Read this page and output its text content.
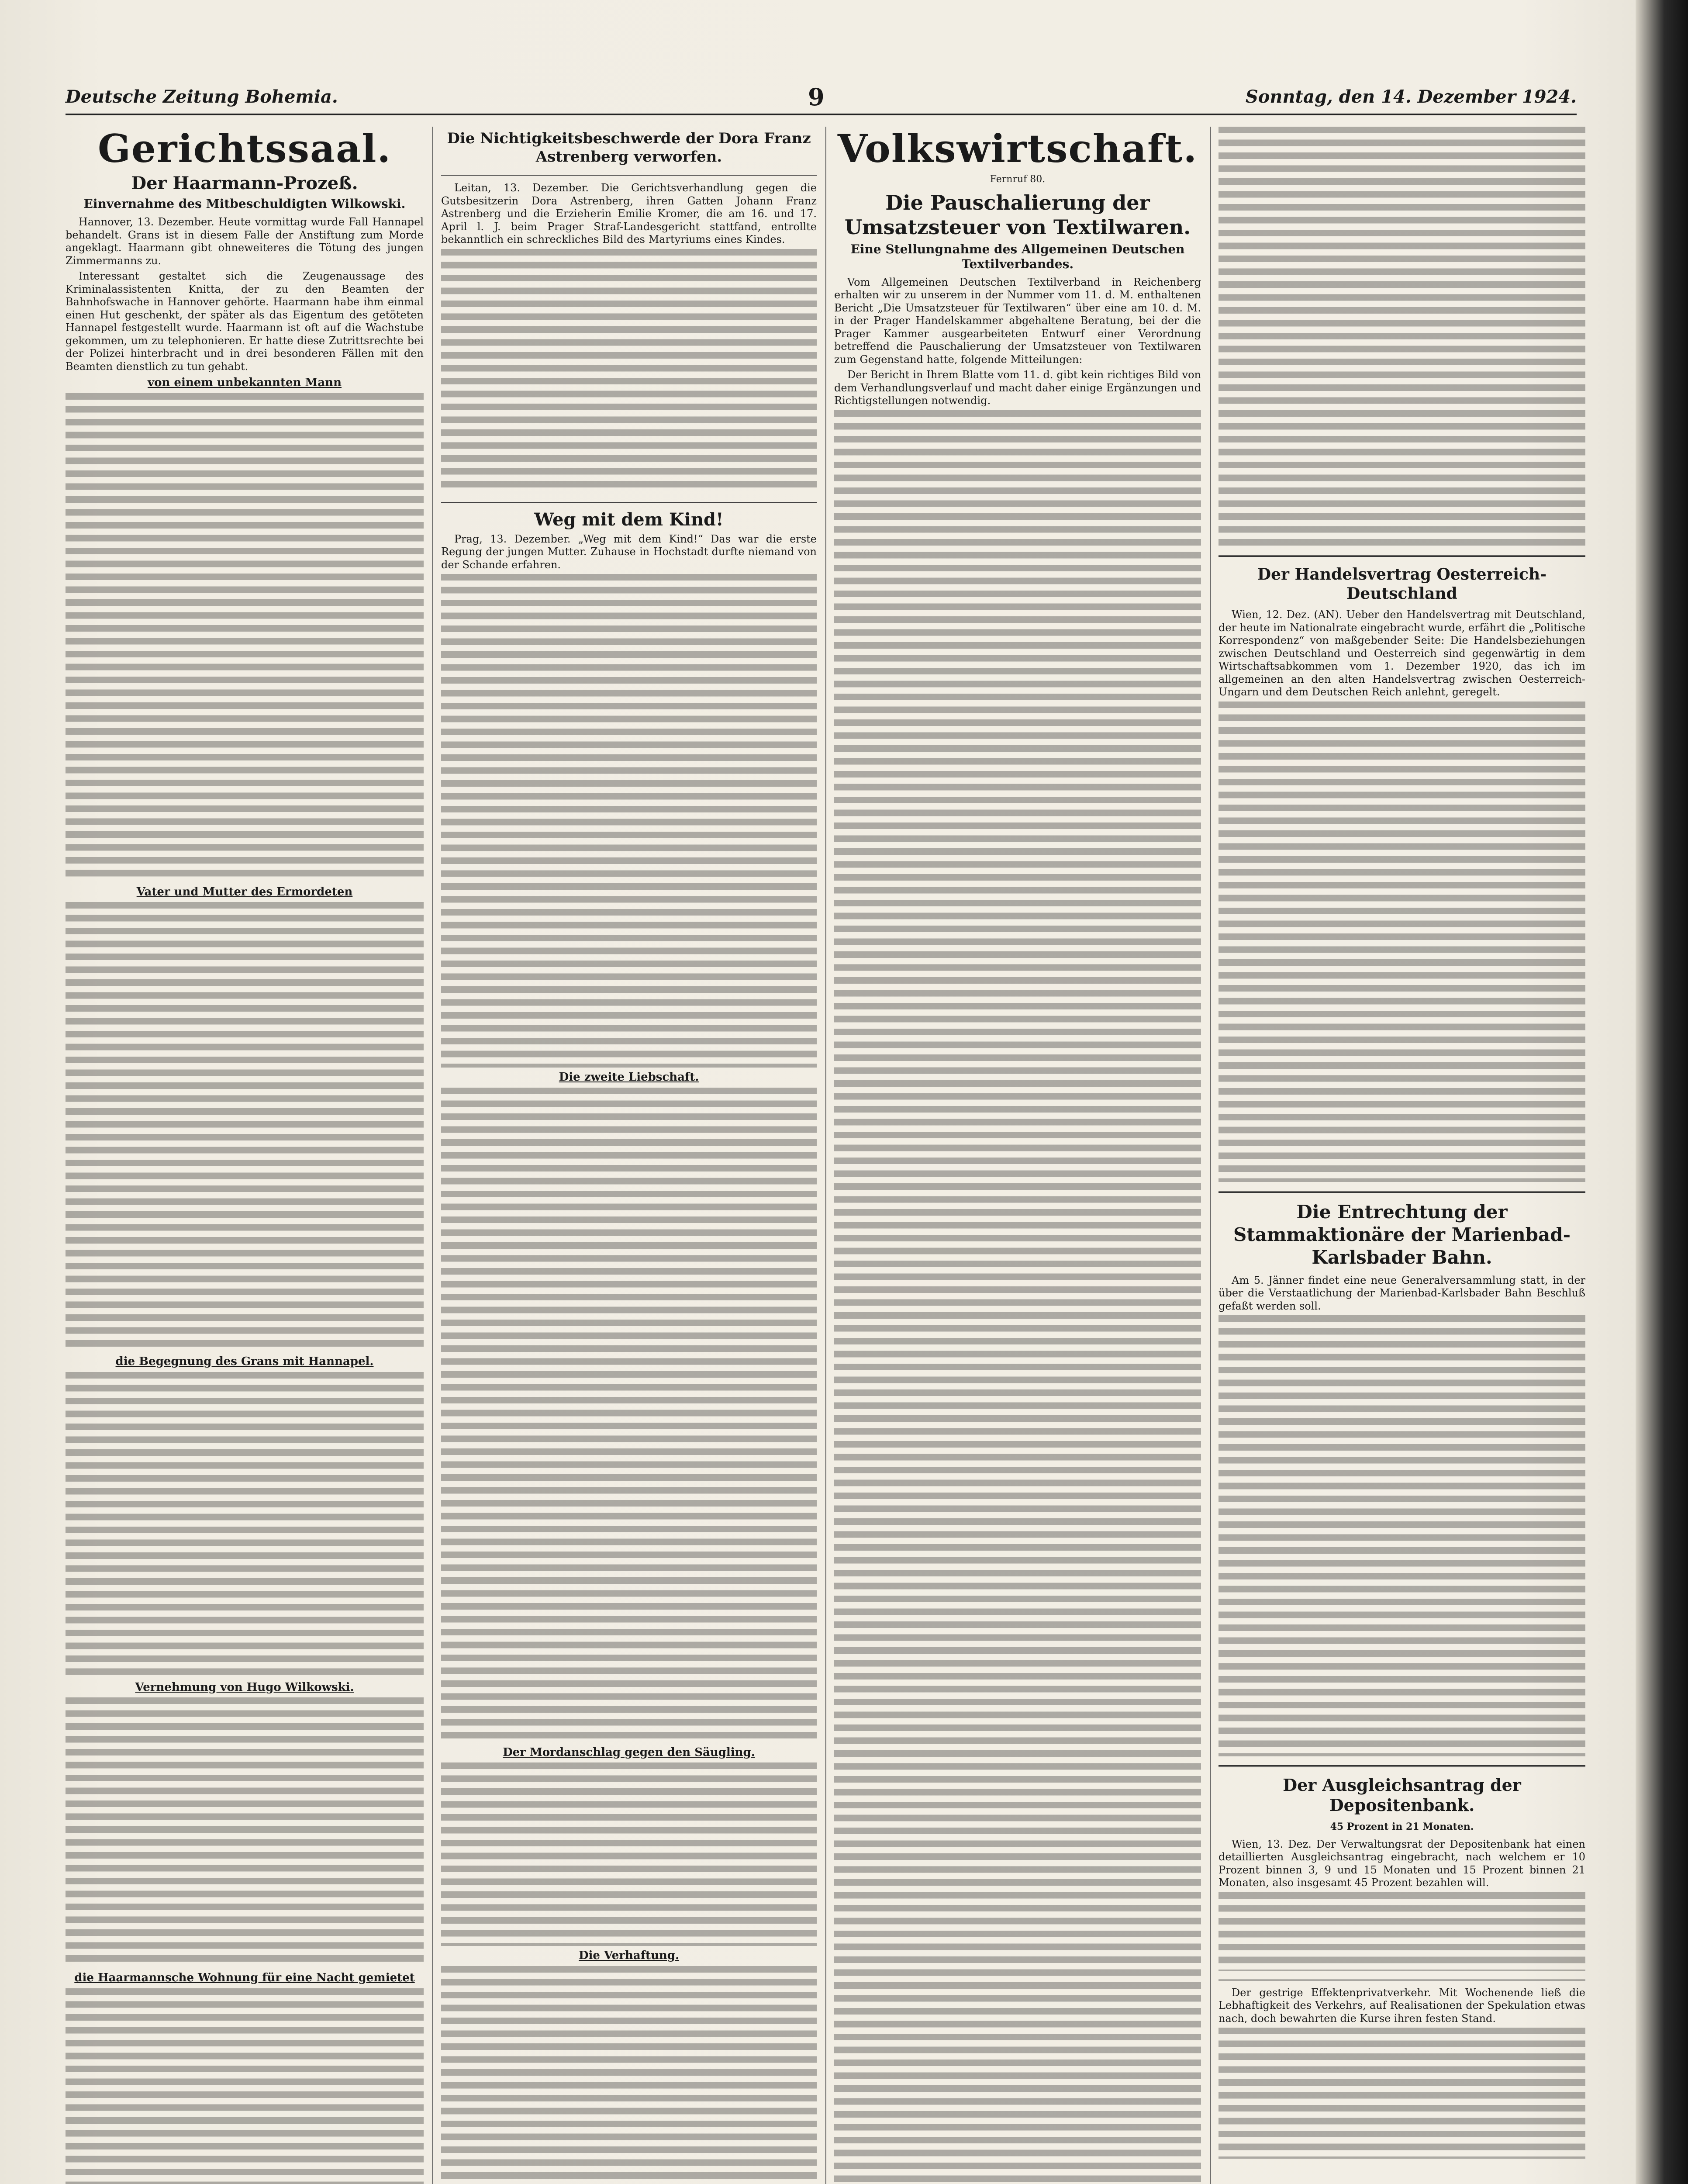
Deutsche Zeitung Bohemia.	9	Sonntag, den 14. Dezember 1924.
Gerichtssaal.
Der Haarmann-Prozeß.
Einvernahme des Mitbeschuldigten Wilkowski.

Hannover, 13. Dezember. Heute vormittag wurde Fall Hannapel behandelt. Grans ist in diesem Falle der Anstiftung zum Morde angeklagt. Haarmann gibt ohneweiteres die Tötung des jungen Zimmermanns zu.

Interessant gestaltet sich die Zeugenaussage des Kriminalassistenten Knitta, der zu den Beamten der Bahnhofswache in Hannover gehörte. Haarmann habe ihm einmal einen Hut geschenkt, der später als das Eigentum des getöteten Hannapel festgestellt wurde. Haarmann ist oft auf die Wachstube gekommen, um zu telephonieren. Er hatte diese Zutrittsrechte bei der Polizei hinterbracht und in drei besonderen Fällen mit den Beamten dienstlich zu tun gehabt.

von einem unbekannten Mann
Vater und Mutter des Ermordeten
die Begegnung des Grans mit Hannapel.
Vernehmung von Hugo Wilkowski.
die Haarmannsche Wohnung für eine Nacht gemietet
Die Nichtigkeitsbeschwerde der Dora Franz Astrenberg verworfen.

Leitan, 13. Dezember. Die Gerichtsverhandlung gegen die Gutsbesitzerin Dora Astrenberg, ihren Gatten Johann Franz Astrenberg und die Erzieherin Emilie Kromer, die am 16. und 17. April l. J. beim Prager Straf-Landesgericht stattfand, entrollte bekanntlich ein schreckliches Bild des Martyriums eines Kindes.

Weg mit dem Kind!

Prag, 13. Dezember. „Weg mit dem Kind!“ Das war die erste Regung der jungen Mutter. Zuhause in Hochstadt durfte niemand von der Schande erfahren.

Die zweite Liebschaft.
Der Mordanschlag gegen den Säugling.
Die Verhaftung.
Volkswirtschaft.
Fernruf 80.
Die Pauschalierung der Umsatzsteuer von Textilwaren.
Eine Stellungnahme des Allgemeinen Deutschen Textilverbandes.

Vom Allgemeinen Deutschen Textilverband in Reichenberg erhalten wir zu unserem in der Nummer vom 11. d. M. enthaltenen Bericht „Die Umsatzsteuer für Textilwaren“ über eine am 10. d. M. in der Prager Handelskammer abgehaltene Beratung, bei der die Prager Kammer ausgearbeiteten Entwurf einer Verordnung betreffend die Pauschalierung der Umsatzsteuer von Textilwaren zum Gegenstand hatte, folgende Mitteilungen:

Der Bericht in Ihrem Blatte vom 11. d. gibt kein richtiges Bild von dem Verhandlungsverlauf und macht daher einige Ergänzungen und Richtigstellungen notwendig.

Der Handelsvertrag Oesterreich-Deutschland

Wien, 12. Dez. (AN). Ueber den Handelsvertrag mit Deutschland, der heute im Nationalrate eingebracht wurde, erfährt die „Politische Korrespondenz“ von maßgebender Seite: Die Handelsbeziehungen zwischen Deutschland und Oesterreich sind gegenwärtig in dem Wirtschaftsabkommen vom 1. Dezember 1920, das ich im allgemeinen an den alten Handelsvertrag zwischen Oesterreich-Ungarn und dem Deutschen Reich anlehnt, geregelt.

Die Entrechtung der Stammaktionäre der Marienbad-Karlsbader Bahn.

Am 5. Jänner findet eine neue Generalversammlung statt, in der über die Verstaatlichung der Marienbad-Karlsbader Bahn Beschluß gefaßt werden soll.

Der Ausgleichsantrag der Depositenbank.
45 Prozent in 21 Monaten.

Wien, 13. Dez. Der Verwaltungsrat der Depositenbank hat einen detaillierten Ausgleichsantrag eingebracht, nach welchem er 10 Prozent binnen 3, 9 und 15 Monaten und 15 Prozent binnen 21 Monaten, also insgesamt 45 Prozent bezahlen will.

Der gestrige Effektenprivatverkehr. Mit Wochenende ließ die Lebhaftigkeit des Verkehrs, auf Realisationen der Spekulation etwas nach, doch bewahrten die Kurse ihren festen Stand.
